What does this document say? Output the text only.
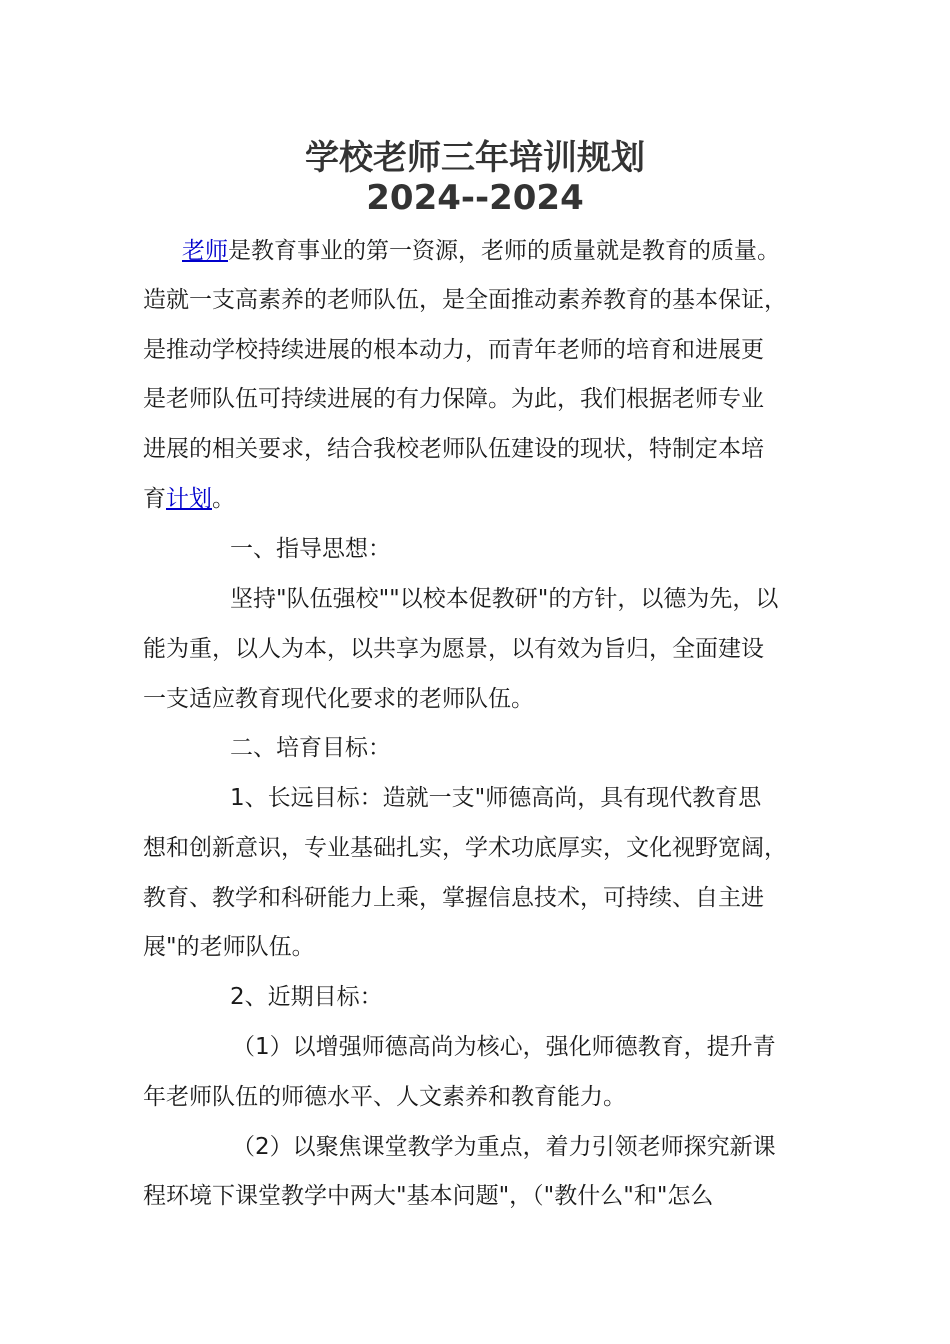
学校老师三年培训规划
2024--2024
老师是教育事业的第一资源，老师的质量就是教育的质量。
造就一支高素养的老师队伍，是全面推动素养教育的基本保证，
是推动学校持续进展的根本动力，而青年老师的培育和进展更
是老师队伍可持续进展的有力保障。为此，我们根据老师专业
进展的相关要求，结合我校老师队伍建设的现状，特制定本培
育计划。
一、指导思想：
坚持"队伍强校""以校本促教研"的方针，以德为先，以
能为重，以人为本，以共享为愿景，以有效为旨归，全面建设
一支适应教育现代化要求的老师队伍。
二、培育目标：
1、长远目标：造就一支"师德高尚，具有现代教育思
想和创新意识，专业基础扎实，学术功底厚实，文化视野宽阔，
教育、教学和科研能力上乘，掌握信息技术，可持续、自主进
展"的老师队伍。
2、近期目标：
（1）以增强师德高尚为核心，强化师德教育，提升青
年老师队伍的师德水平、人文素养和教育能力。
（2）以聚焦课堂教学为重点，着力引领老师探究新课
程环境下课堂教学中两大"基本问题"，（"教什么"和"怎么
